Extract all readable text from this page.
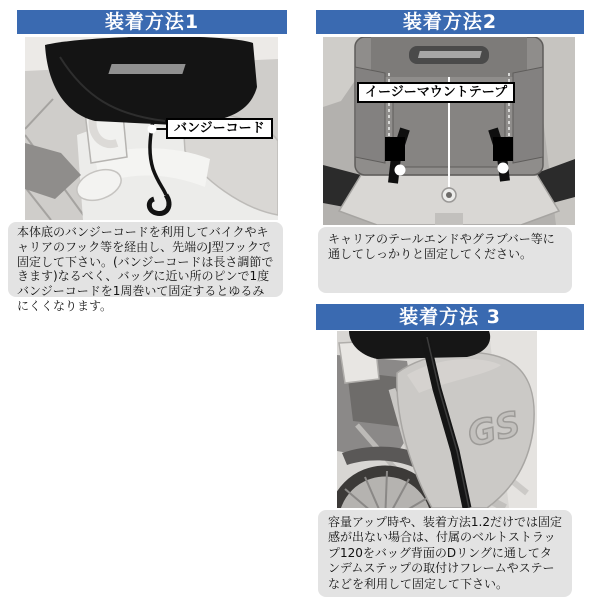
装着方法1
バンジーコード

本体底のバンジーコードを利用してバイクやキャリアのフック等を経由し、先端のJ型フックで固定して下さい。(バンジーコードは長さ調節できます)なるべく、バッグに近い所のピンで1度バンジーコードを1周巻いて固定するとゆるみにくくなります。

装着方法2
イージーマウントテープ

キャリアのテールエンドやグラブバー等に通してしっかりと固定してください。

装着方法 3
GS

容量アップ時や、装着方法1.2だけでは固定感が出ない場合は、付属のベルトストラップ120をバッグ背面のDリングに通してタンデムステップの取付けフレームやステーなどを利用して固定して下さい。
